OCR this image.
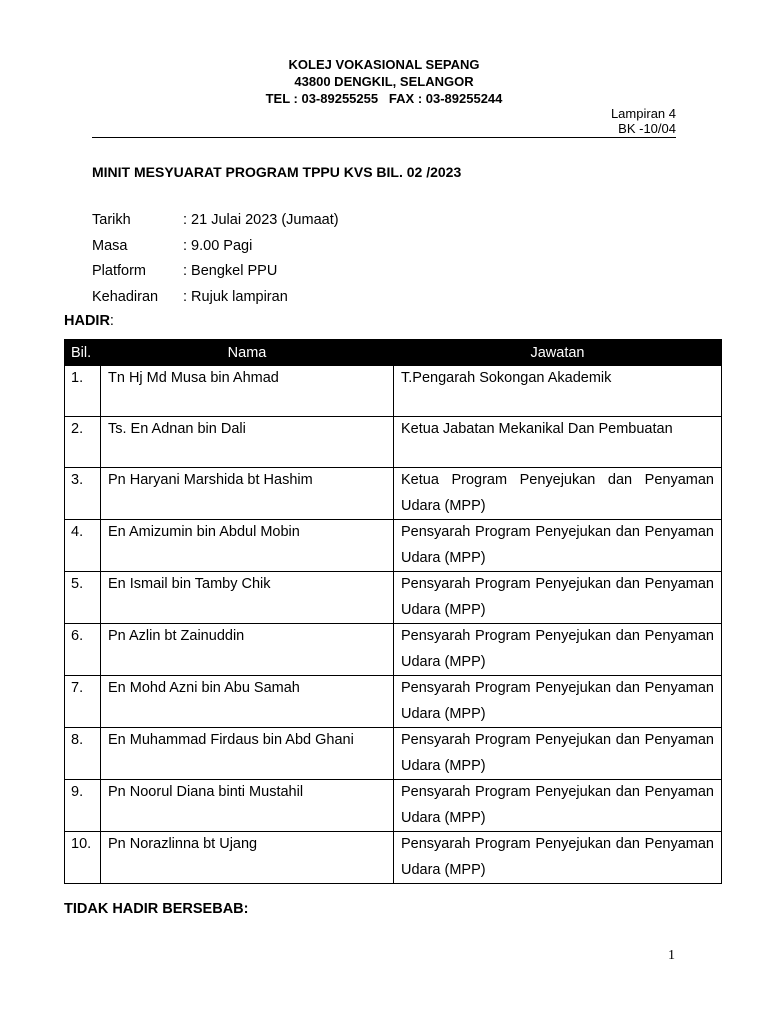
KOLEJ VOKASIONAL SEPANG
43800 DENGKIL, SELANGOR
TEL : 03-89255255   FAX : 03-89255244
Lampiran 4
BK -10/04
MINIT MESYUARAT PROGRAM TPPU KVS BIL. 02 /2023
Tarikh	: 21 Julai 2023 (Jumaat)
Masa	: 9.00 Pagi
Platform	: Bengkel PPU
Kehadiran	: Rujuk lampiran
HADIR:
Bil.	Nama	Jawatan
1.	Tn Hj Md Musa bin Ahmad	T.Pengarah Sokongan Akademik
2.	Ts. En Adnan bin Dali	Ketua Jabatan Mekanikal Dan Pembuatan
3.	Pn Haryani Marshida bt Hashim	Ketua Program Penyejukan dan Penyaman Udara (MPP)
4.	En Amizumin bin Abdul Mobin	Pensyarah Program Penyejukan dan Penyaman Udara (MPP)
5.	En Ismail bin Tamby Chik	Pensyarah Program Penyejukan dan Penyaman Udara (MPP)
6.	Pn Azlin bt Zainuddin	Pensyarah Program Penyejukan dan Penyaman Udara (MPP)
7.	En Mohd Azni bin Abu Samah	Pensyarah Program Penyejukan dan Penyaman Udara (MPP)
8.	En Muhammad Firdaus bin Abd Ghani	Pensyarah Program Penyejukan dan Penyaman Udara (MPP)
9.	Pn Noorul Diana binti Mustahil	Pensyarah Program Penyejukan dan Penyaman Udara (MPP)
10.	Pn Norazlinna bt Ujang	Pensyarah Program Penyejukan dan Penyaman Udara (MPP)
TIDAK HADIR BERSEBAB:
1
